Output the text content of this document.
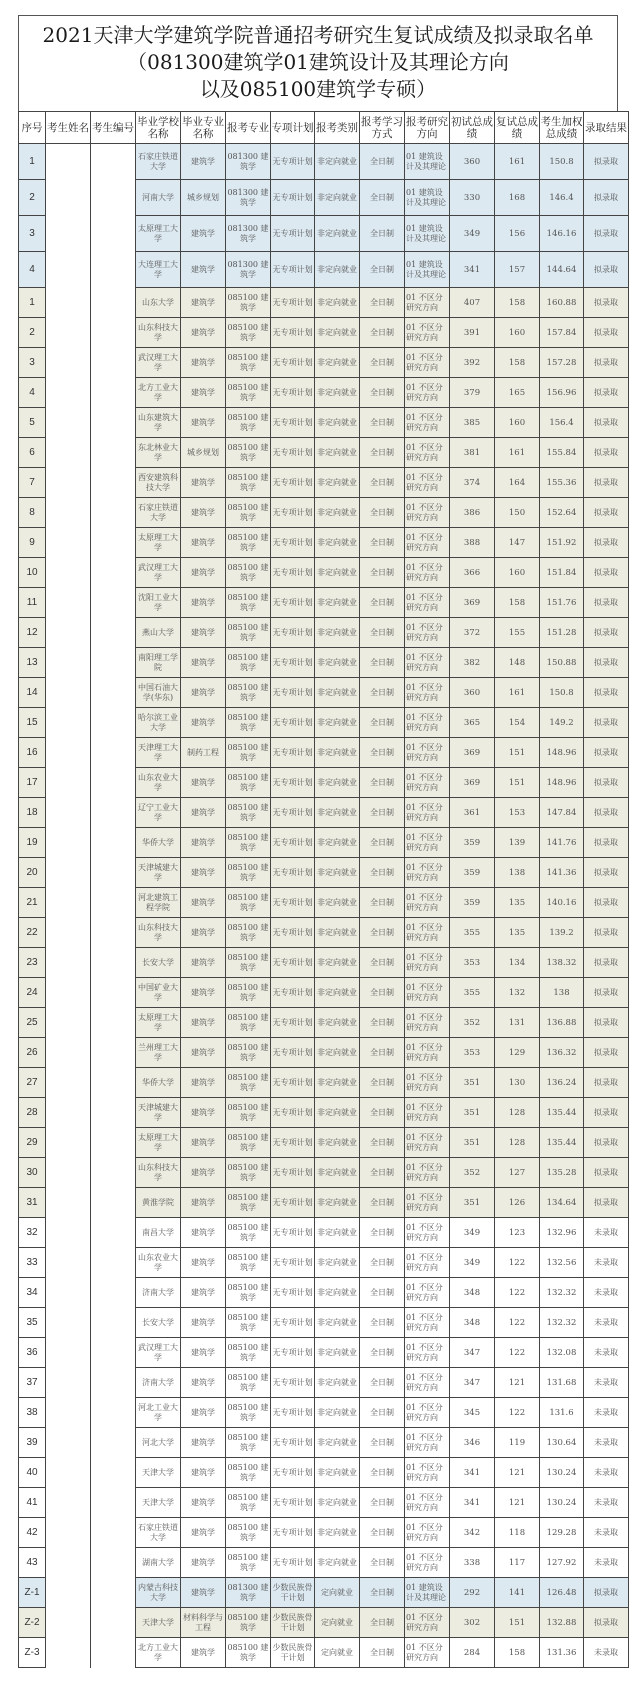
2021天津大学建筑学院普通招考研究生复试成绩及拟录取名单
（081300建筑学01建筑设计及其理论方向
以及085100建筑学专硕）
序号	考生姓名	考生编号	毕业学校名称	毕业专业名称	报考专业	专项计划	报考类别	报考学习方式	报考研究方向	初试总成绩	复试总成绩	考生加权总成绩	录取结果
1			石家庄铁道大学	建筑学	081300 建筑学	无专项计划	非定向就业	全日制	01 建筑设计及其理论	360	161	150.8	拟录取
2			河南大学	城乡规划	081300 建筑学	无专项计划	非定向就业	全日制	01 建筑设计及其理论	330	168	146.4	拟录取
3			太原理工大学	建筑学	081300 建筑学	无专项计划	非定向就业	全日制	01 建筑设计及其理论	349	156	146.16	拟录取
4			大连理工大学	建筑学	081300 建筑学	无专项计划	非定向就业	全日制	01 建筑设计及其理论	341	157	144.64	拟录取
1			山东大学	建筑学	085100 建筑学	无专项计划	非定向就业	全日制	01 不区分研究方向	407	158	160.88	拟录取
2			山东科技大学	建筑学	085100 建筑学	无专项计划	非定向就业	全日制	01 不区分研究方向	391	160	157.84	拟录取
3			武汉理工大学	建筑学	085100 建筑学	无专项计划	非定向就业	全日制	01 不区分研究方向	392	158	157.28	拟录取
4			北方工业大学	建筑学	085100 建筑学	无专项计划	非定向就业	全日制	01 不区分研究方向	379	165	156.96	拟录取
5			山东建筑大学	建筑学	085100 建筑学	无专项计划	非定向就业	全日制	01 不区分研究方向	385	160	156.4	拟录取
6			东北林业大学	城乡规划	085100 建筑学	无专项计划	非定向就业	全日制	01 不区分研究方向	381	161	155.84	拟录取
7			西安建筑科技大学	建筑学	085100 建筑学	无专项计划	非定向就业	全日制	01 不区分研究方向	374	164	155.36	拟录取
8			石家庄铁道大学	建筑学	085100 建筑学	无专项计划	非定向就业	全日制	01 不区分研究方向	386	150	152.64	拟录取
9			太原理工大学	建筑学	085100 建筑学	无专项计划	非定向就业	全日制	01 不区分研究方向	388	147	151.92	拟录取
10			武汉理工大学	建筑学	085100 建筑学	无专项计划	非定向就业	全日制	01 不区分研究方向	366	160	151.84	拟录取
11			沈阳工业大学	建筑学	085100 建筑学	无专项计划	非定向就业	全日制	01 不区分研究方向	369	158	151.76	拟录取
12			燕山大学	建筑学	085100 建筑学	无专项计划	非定向就业	全日制	01 不区分研究方向	372	155	151.28	拟录取
13			南阳理工学院	建筑学	085100 建筑学	无专项计划	非定向就业	全日制	01 不区分研究方向	382	148	150.88	拟录取
14			中国石油大学(华东)	建筑学	085100 建筑学	无专项计划	非定向就业	全日制	01 不区分研究方向	360	161	150.8	拟录取
15			哈尔滨工业大学	建筑学	085100 建筑学	无专项计划	非定向就业	全日制	01 不区分研究方向	365	154	149.2	拟录取
16			天津理工大学	制药工程	085100 建筑学	无专项计划	非定向就业	全日制	01 不区分研究方向	369	151	148.96	拟录取
17			山东农业大学	建筑学	085100 建筑学	无专项计划	非定向就业	全日制	01 不区分研究方向	369	151	148.96	拟录取
18			辽宁工业大学	建筑学	085100 建筑学	无专项计划	非定向就业	全日制	01 不区分研究方向	361	153	147.84	拟录取
19			华侨大学	建筑学	085100 建筑学	无专项计划	非定向就业	全日制	01 不区分研究方向	359	139	141.76	拟录取
20			天津城建大学	建筑学	085100 建筑学	无专项计划	非定向就业	全日制	01 不区分研究方向	359	138	141.36	拟录取
21			河北建筑工程学院	建筑学	085100 建筑学	无专项计划	非定向就业	全日制	01 不区分研究方向	359	135	140.16	拟录取
22			山东科技大学	建筑学	085100 建筑学	无专项计划	非定向就业	全日制	01 不区分研究方向	355	135	139.2	拟录取
23			长安大学	建筑学	085100 建筑学	无专项计划	非定向就业	全日制	01 不区分研究方向	353	134	138.32	拟录取
24			中国矿业大学	建筑学	085100 建筑学	无专项计划	非定向就业	全日制	01 不区分研究方向	355	132	138	拟录取
25			太原理工大学	建筑学	085100 建筑学	无专项计划	非定向就业	全日制	01 不区分研究方向	352	131	136.88	拟录取
26			兰州理工大学	建筑学	085100 建筑学	无专项计划	非定向就业	全日制	01 不区分研究方向	353	129	136.32	拟录取
27			华侨大学	建筑学	085100 建筑学	无专项计划	非定向就业	全日制	01 不区分研究方向	351	130	136.24	拟录取
28			天津城建大学	建筑学	085100 建筑学	无专项计划	非定向就业	全日制	01 不区分研究方向	351	128	135.44	拟录取
29			太原理工大学	建筑学	085100 建筑学	无专项计划	非定向就业	全日制	01 不区分研究方向	351	128	135.44	拟录取
30			山东科技大学	建筑学	085100 建筑学	无专项计划	非定向就业	全日制	01 不区分研究方向	352	127	135.28	拟录取
31			黄淮学院	建筑学	085100 建筑学	无专项计划	非定向就业	全日制	01 不区分研究方向	351	126	134.64	拟录取
32			南昌大学	建筑学	085100 建筑学	无专项计划	非定向就业	全日制	01 不区分研究方向	349	123	132.96	未录取
33			山东农业大学	建筑学	085100 建筑学	无专项计划	非定向就业	全日制	01 不区分研究方向	349	122	132.56	未录取
34			济南大学	建筑学	085100 建筑学	无专项计划	非定向就业	全日制	01 不区分研究方向	348	122	132.32	未录取
35			长安大学	建筑学	085100 建筑学	无专项计划	非定向就业	全日制	01 不区分研究方向	348	122	132.32	未录取
36			武汉理工大学	建筑学	085100 建筑学	无专项计划	非定向就业	全日制	01 不区分研究方向	347	122	132.08	未录取
37			济南大学	建筑学	085100 建筑学	无专项计划	非定向就业	全日制	01 不区分研究方向	347	121	131.68	未录取
38			河北工业大学	建筑学	085100 建筑学	无专项计划	非定向就业	全日制	01 不区分研究方向	345	122	131.6	未录取
39			河北大学	建筑学	085100 建筑学	无专项计划	非定向就业	全日制	01 不区分研究方向	346	119	130.64	未录取
40			天津大学	建筑学	085100 建筑学	无专项计划	非定向就业	全日制	01 不区分研究方向	341	121	130.24	未录取
41			天津大学	建筑学	085100 建筑学	无专项计划	非定向就业	全日制	01 不区分研究方向	341	121	130.24	未录取
42			石家庄铁道大学	建筑学	085100 建筑学	无专项计划	非定向就业	全日制	01 不区分研究方向	342	118	129.28	未录取
43			湖南大学	建筑学	085100 建筑学	无专项计划	非定向就业	全日制	01 不区分研究方向	338	117	127.92	未录取
Z-1			内蒙古科技大学	建筑学	081300 建筑学	少数民族骨干计划	定向就业	全日制	01 建筑设计及其理论	292	141	126.48	拟录取
Z-2			天津大学	材料科学与工程	085100 建筑学	少数民族骨干计划	定向就业	全日制	01 不区分研究方向	302	151	132.88	拟录取
Z-3			北方工业大学	建筑学	085100 建筑学	少数民族骨干计划	定向就业	全日制	01 不区分研究方向	284	158	131.36	未录取
